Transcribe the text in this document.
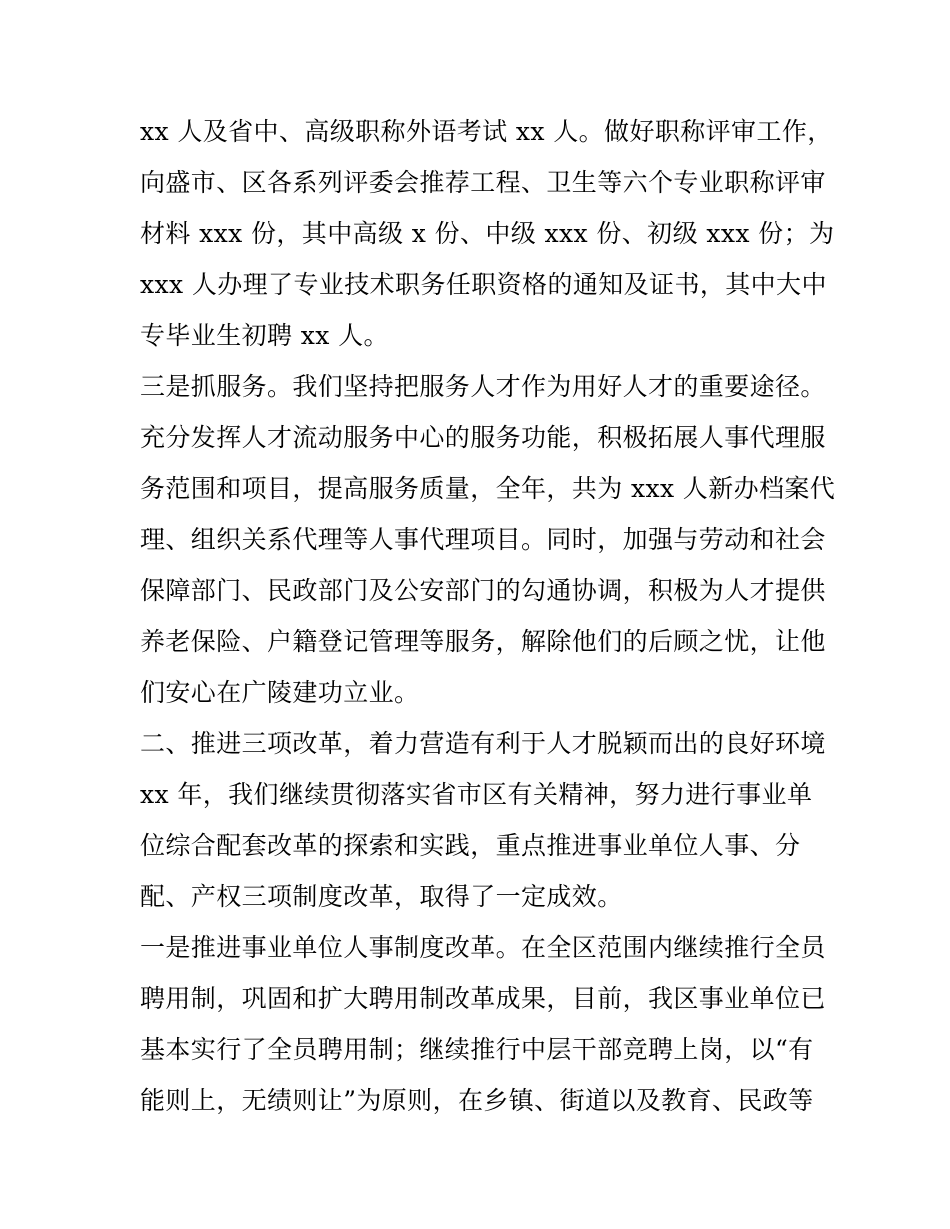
xx 人及省中、高级职称外语考试 xx 人。做好职称评审工作，
向盛市、区各系列评委会推荐工程、卫生等六个专业职称评审
材料 xxx 份，其中高级 x 份、中级 xxx 份、初级 xxx 份；为
xxx 人办理了专业技术职务任职资格的通知及证书，其中大中
专毕业生初聘 xx 人。
三是抓服务。我们坚持把服务人才作为用好人才的重要途径。
充分发挥人才流动服务中心的服务功能，积极拓展人事代理服
务范围和项目，提高服务质量，全年，共为 xxx 人新办档案代
理、组织关系代理等人事代理项目。同时，加强与劳动和社会
保障部门、民政部门及公安部门的勾通协调，积极为人才提供
养老保险、户籍登记管理等服务，解除他们的后顾之忧，让他
们安心在广陵建功立业。
二、推进三项改革，着力营造有利于人才脱颖而出的良好环境
xx 年，我们继续贯彻落实省市区有关精神，努力进行事业单
位综合配套改革的探索和实践，重点推进事业单位人事、分
配、产权三项制度改革，取得了一定成效。
一是推进事业单位人事制度改革。在全区范围内继续推行全员
聘用制，巩固和扩大聘用制改革成果，目前，我区事业单位已
基本实行了全员聘用制；继续推行中层干部竞聘上岗，以“有
能则上，无绩则让”为原则，在乡镇、街道以及教育、民政等
